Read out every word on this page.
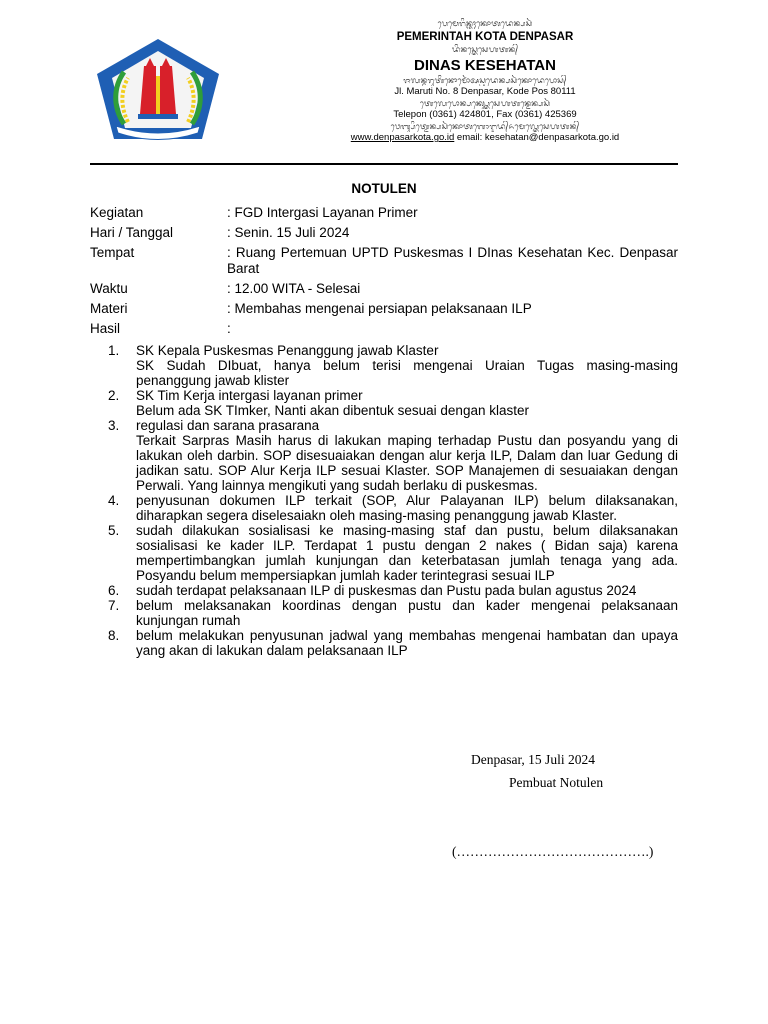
PURADHIPA BARA BHAVANA
ᬧᬾᬫᬾᬭᬶᬦ᭄ᬢᬄᬓᭀᬢᬤᬾᬦ᭄ᬧᬲᬃ
PEMERINTAH KOTA DENPASAR
ᬤᬶᬦᬲ᭄ᬓᬾᬲᬾᬳᬢᬦ᭄
DINAS KESEHATAN
ᬚᬮᬦ᭄ᬫᬭᬸᬢᬶᬦᭀᬫᭀᬃᬅᬲ᭄ᬝᬤᬾᬦ᭄ᬧᬲᬃᬓᭀᬤᬾᬧᭀᬲ᭄
Jl. Maruti No. 8 Denpasar, Kode Pos 80111
ᬢᬾᬮᬾᬧᭀᬦ᭄ᬧᬓ᭄ᬲ᭄ᬓᬾᬲᬾᬳᬢᬦ᭄ᬤᬾᬦ᭄ᬧᬲᬃ
Telepon (0361) 424801, Fax (0361) 425369
ᬯᬾᬩ᭄ᬲᬶᬢ᭄ᬤᬾᬦ᭄ᬧᬲᬃᬓᭀᬢᬕᭀᬇᬤ᭄ᬏᬫᬾᬮ᭄ᬓᬾᬲᬾᬳᬢᬦ᭄
www.denpasarkota.go.id email: kesehatan@denpasarkota.go.id
NOTULEN
Kegiatan	: FGD Intergasi Layanan Primer
Hari / Tanggal	: Senin. 15 Juli 2024
Tempat	: Ruang Pertemuan UPTD Puskesmas I DInas Kesehatan Kec. Denpasar Barat
Waktu	: 12.00 WITA - Selesai
Materi	: Membahas mengenai persiapan pelaksanaan ILP
Hasil	:
1.	SK Kepala Puskesmas Penanggung jawab Klaster
SK Sudah DIbuat, hanya belum terisi mengenai Uraian Tugas masing-masing penanggung jawab klister
2.	SK Tim Kerja intergasi layanan primer
Belum ada SK TImker, Nanti akan dibentuk sesuai dengan klaster
3.	regulasi dan sarana prasarana
Terkait Sarpras Masih harus di lakukan maping terhadap Pustu dan posyandu yang di lakukan oleh darbin. SOP disesuaiakan dengan alur kerja ILP, Dalam dan luar Gedung di jadikan satu. SOP Alur Kerja ILP sesuai Klaster. SOP Manajemen di sesuaiakan dengan Perwali. Yang lainnya mengikuti yang sudah berlaku di puskesmas.
4.	penyusunan dokumen ILP terkait (SOP, Alur Palayanan ILP) belum dilaksanakan, diharapkan segera diselesaiakn oleh masing-masing penanggung jawab Klaster.
5.	sudah dilakukan sosialisasi ke masing-masing staf dan pustu, belum dilaksanakan sosialisasi ke kader ILP. Terdapat 1 pustu dengan 2 nakes ( Bidan saja) karena mempertimbangkan jumlah kunjungan dan keterbatasan jumlah tenaga yang ada. Posyandu belum mempersiapkan jumlah kader terintegrasi sesuai ILP
6.	sudah terdapat pelaksanaan ILP di puskesmas dan Pustu pada bulan agustus 2024
7.	belum melaksanakan koordinas dengan pustu dan kader mengenai pelaksanaan kunjungan rumah
8.	belum melakukan penyusunan jadwal yang membahas mengenai hambatan dan upaya yang akan di lakukan dalam pelaksanaan ILP
Denpasar, 15 Juli 2024
Pembuat Notulen
(…………………………………….)
